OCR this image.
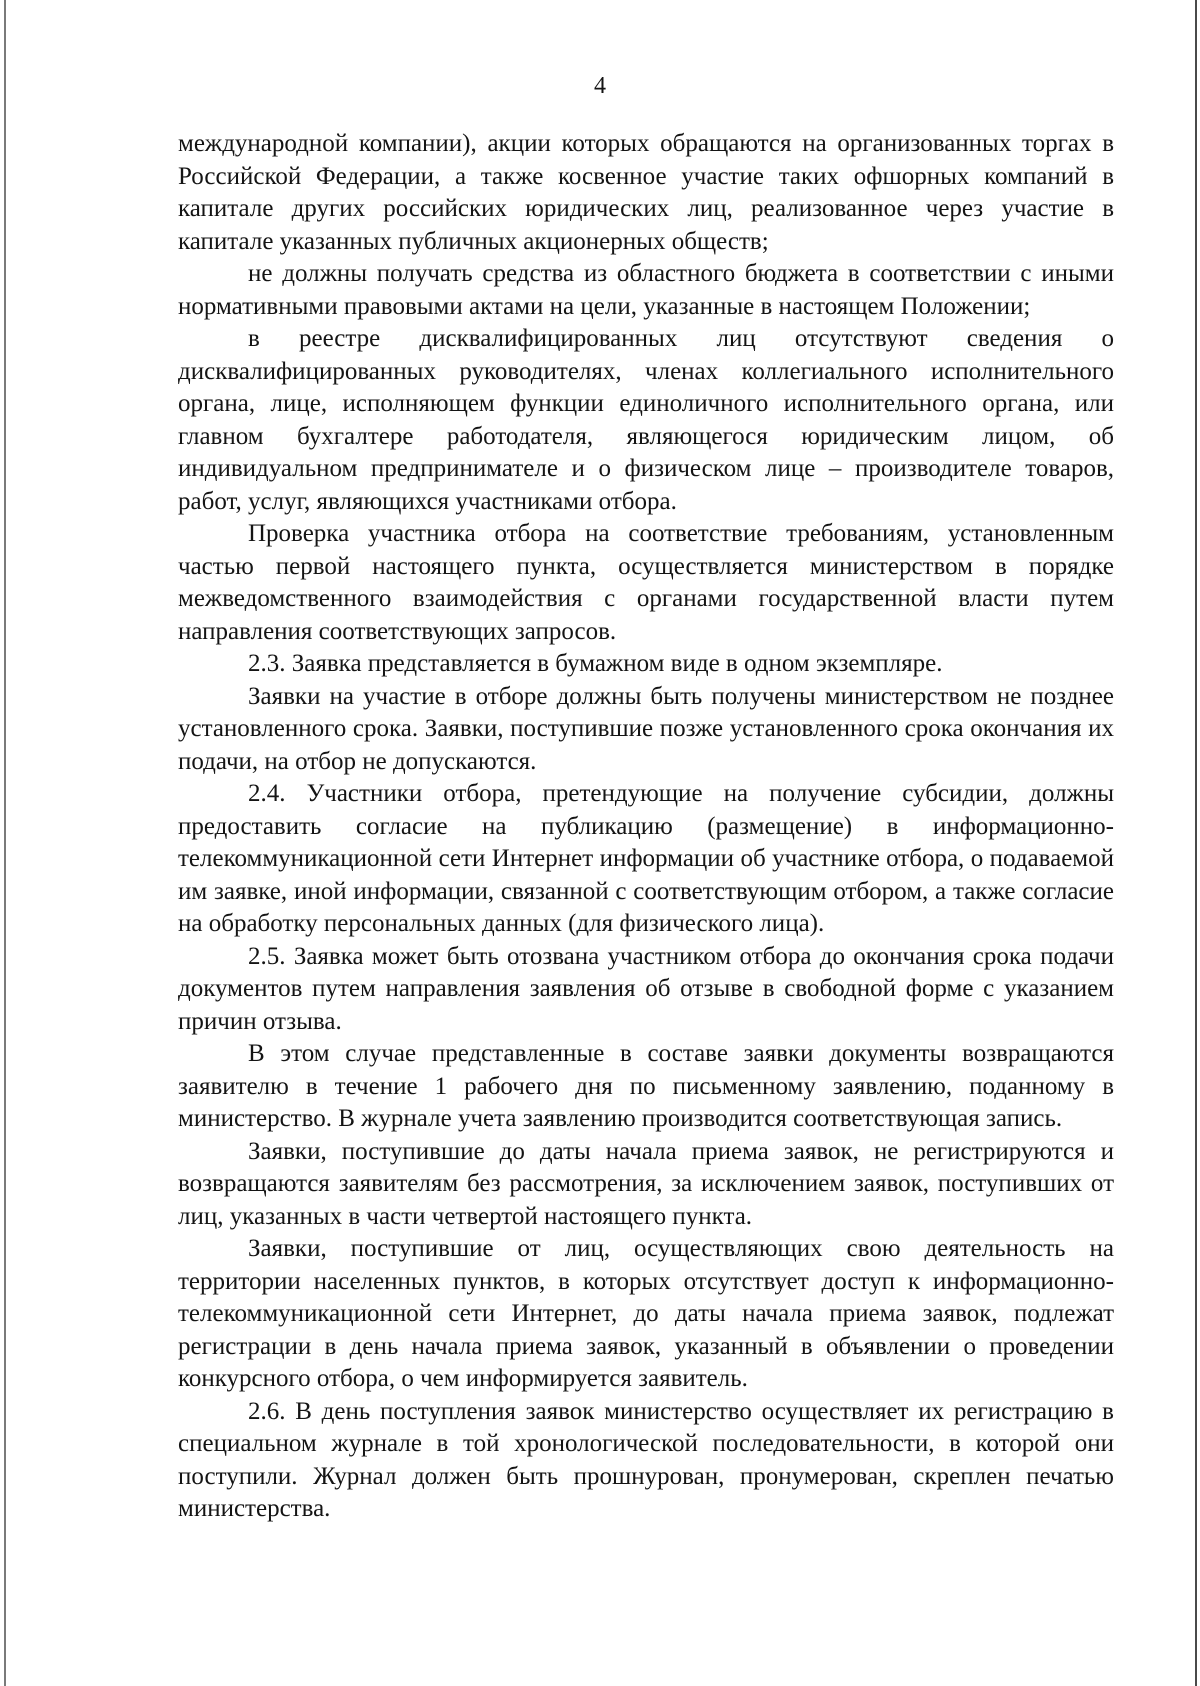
4

международной компании), акции которых обращаются на организованных торгах в Российской Федерации, а также косвенное участие таких офшорных компаний в капитале других российских юридических лиц, реализованное через участие в капитале указанных публичных акционерных обществ;

не должны получать средства из областного бюджета в соответствии с иными нормативными правовыми актами на цели, указанные в настоящем Положении;

в реестре дисквалифицированных лиц отсутствуют сведения о дисквалифицированных руководителях, членах коллегиального исполнительного органа, лице, исполняющем функции единоличного исполнительного органа, или главном бухгалтере работодателя, являющегося юридическим лицом, об индивидуальном предпринимателе и о физическом лице – производителе товаров, работ, услуг, являющихся участниками отбора.

Проверка участника отбора на соответствие требованиям, установленным частью первой настоящего пункта, осуществляется министерством в порядке межведомственного взаимодействия с органами государственной власти путем направления соответствующих запросов.

2.3. Заявка представляется в бумажном виде в одном экземпляре.

Заявки на участие в отборе должны быть получены министерством не позднее установленного срока. Заявки, поступившие позже установленного срока окончания их подачи, на отбор не допускаются.

2.4. Участники отбора, претендующие на получение субсидии, должны предоставить согласие на публикацию (размещение) в информационно-телекоммуникационной сети Интернет информации об участнике отбора, о подаваемой им заявке, иной информации, связанной с соответствующим отбором, а также согласие на обработку персональных данных (для физического лица).

2.5. Заявка может быть отозвана участником отбора до окончания срока подачи документов путем направления заявления об отзыве в свободной форме с указанием причин отзыва.

В этом случае представленные в составе заявки документы возвращаются заявителю в течение 1 рабочего дня по письменному заявлению, поданному в министерство. В журнале учета заявлению производится соответствующая запись.

Заявки, поступившие до даты начала приема заявок, не регистрируются и возвращаются заявителям без рассмотрения, за исключением заявок, поступивших от лиц, указанных в части четвертой настоящего пункта.

Заявки, поступившие от лиц, осуществляющих свою деятельность на территории населенных пунктов, в которых отсутствует доступ к информационно-телекоммуникационной сети Интернет, до даты начала приема заявок, подлежат регистрации в день начала приема заявок, указанный в объявлении о проведении конкурсного отбора, о чем информируется заявитель.

2.6. В день поступления заявок министерство осуществляет их регистрацию в специальном журнале в той хронологической последовательности, в которой они поступили. Журнал должен быть прошнурован, пронумерован, скреплен печатью министерства.
